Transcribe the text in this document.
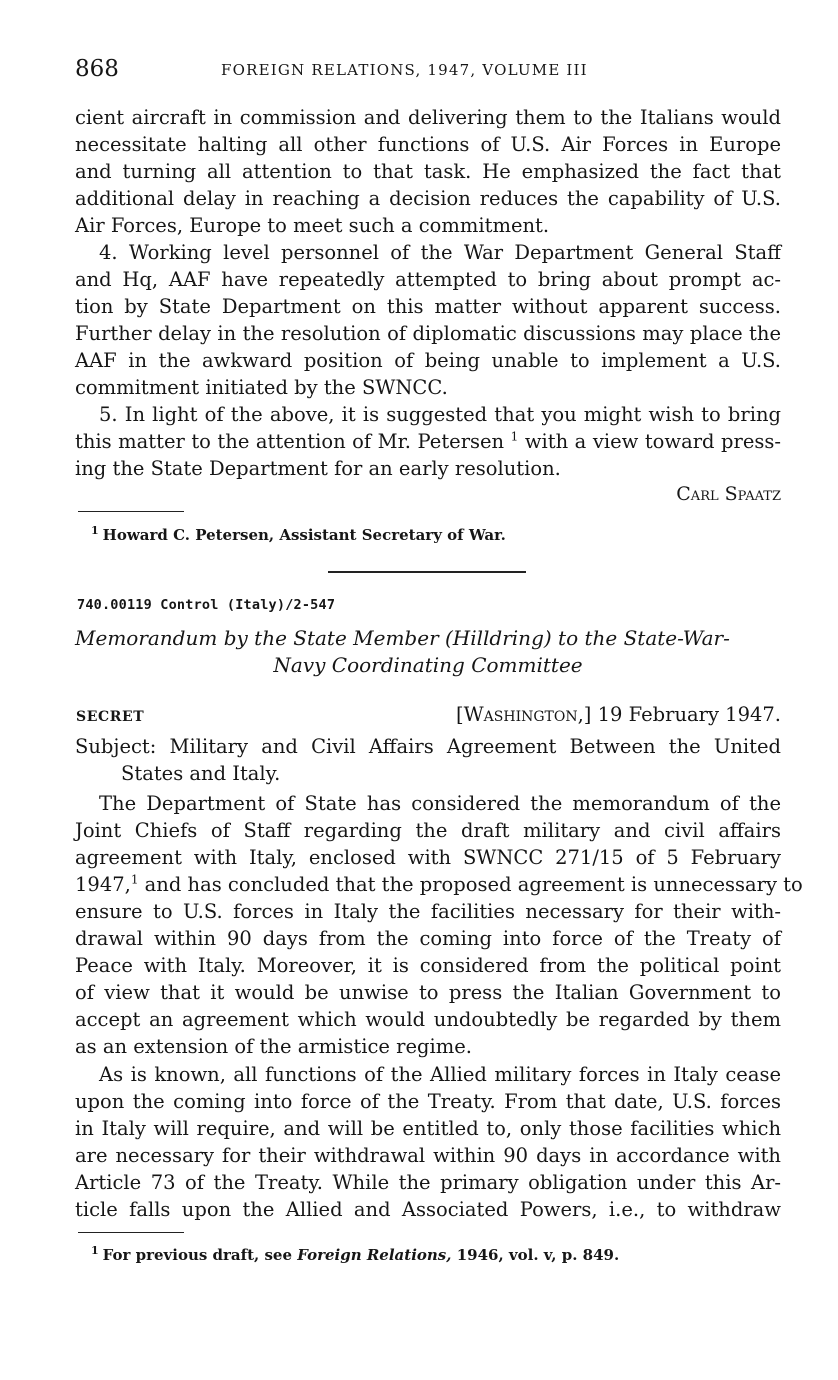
868	FOREIGN RELATIONS, 1947, VOLUME III
cient aircraft in commission and delivering them to the Italians would
necessitate halting all other functions of U.S. Air Forces in Europe
and turning all attention to that task. He emphasized the fact that
additional delay in reaching a decision reduces the capability of U.S.
Air Forces, Europe to meet such a commitment.
4. Working level personnel of the War Department General Staff
and Hq, AAF have repeatedly attempted to bring about prompt ac-
tion by State Department on this matter without apparent success.
Further delay in the resolution of diplomatic discussions may place the
AAF in the awkward position of being unable to implement a U.S.
commitment initiated by the SWNCC.
5. In light of the above, it is suggested that you might wish to bring
this matter to the attention of Mr. Petersen $^1$ with a view toward press-
ing the State Department for an early resolution.
Carl Spaatz
$^1$ Howard C. Petersen, Assistant Secretary of War.
740.00119 Control (Italy)/2-547
Memorandum by the State Member (Hilldring) to the State-War-
Navy Coordinating Committee
SECRET	[Washington,] 19 February 1947.
Subject: Military and Civil Affairs Agreement Between the United
States and Italy.
The Department of State has considered the memorandum of the
Joint Chiefs of Staff regarding the draft military and civil affairs
agreement with Italy, enclosed with SWNCC 271/15 of 5 February
1947,$^1$ and has concluded that the proposed agreement is unnecessary to
ensure to U.S. forces in Italy the facilities necessary for their with-
drawal within 90 days from the coming into force of the Treaty of
Peace with Italy. Moreover, it is considered from the political point
of view that it would be unwise to press the Italian Government to
accept an agreement which would undoubtedly be regarded by them
as an extension of the armistice regime.
As is known, all functions of the Allied military forces in Italy cease
upon the coming into force of the Treaty. From that date, U.S. forces
in Italy will require, and will be entitled to, only those facilities which
are necessary for their withdrawal within 90 days in accordance with
Article 73 of the Treaty. While the primary obligation under this Ar-
ticle falls upon the Allied and Associated Powers, i.e., to withdraw
$^1$ For previous draft, see Foreign Relations, 1946, vol. v, p. 849.
